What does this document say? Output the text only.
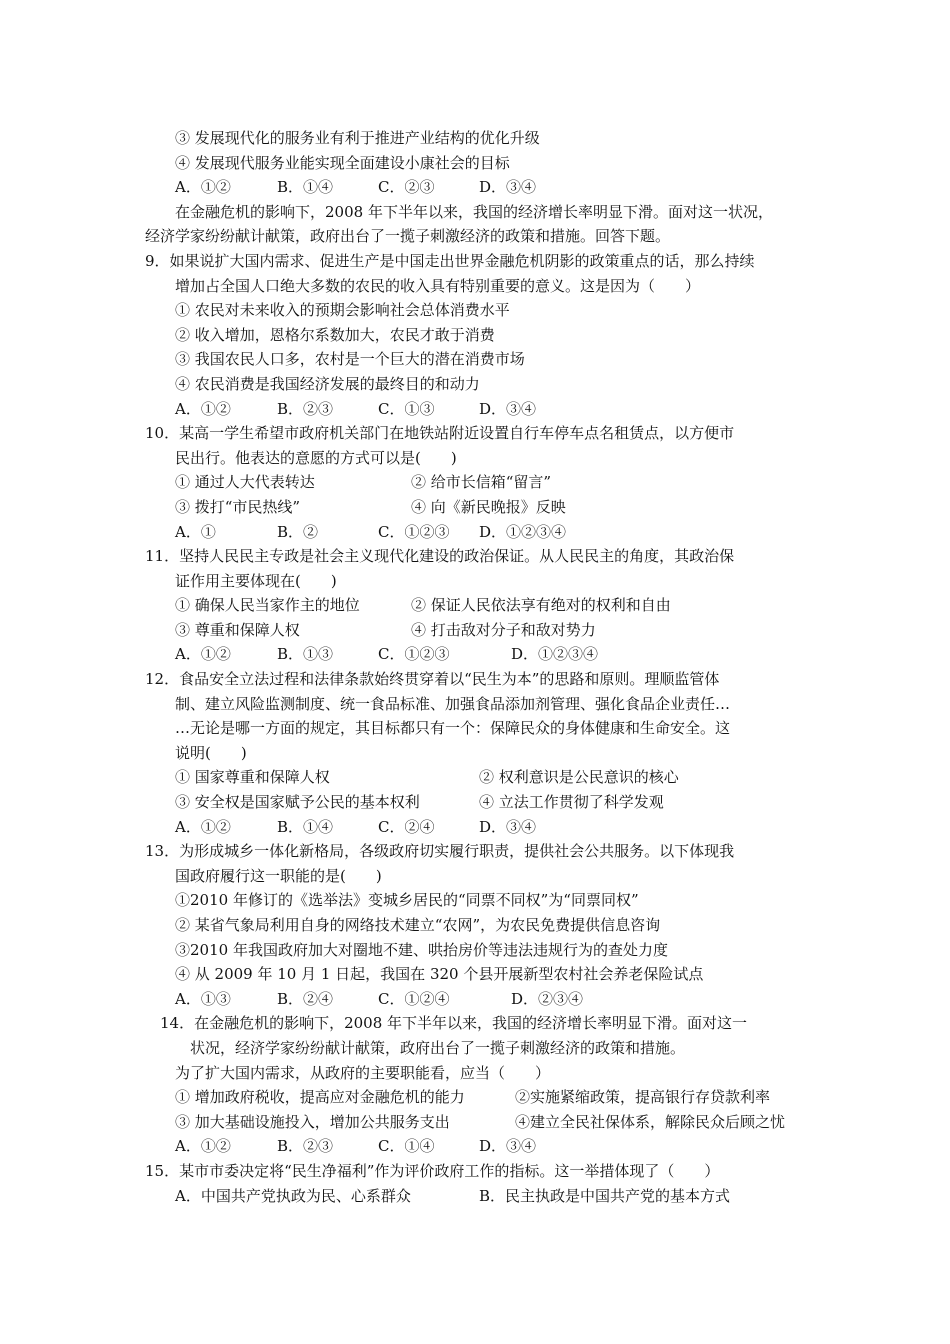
③ 发展现代化的服务业有利于推进产业结构的优化升级
④ 发展现代服务业能实现全面建设小康社会的目标
A．①②	B．①④	C．②③	D．③④
在金融危机的影响下，2008 年下半年以来，我国的经济增长率明显下滑。面对这一状况，
经济学家纷纷献计献策，政府出台了一揽子刺激经济的政策和措施。回答下题。
9．如果说扩大国内需求、促进生产是中国走出世界金融危机阴影的政策重点的话，那么持续
增加占全国人口绝大多数的农民的收入具有特别重要的意义。这是因为（　　）
① 农民对未来收入的预期会影响社会总体消费水平
② 收入增加，恩格尔系数加大，农民才敢于消费
③ 我国农民人口多，农村是一个巨大的潜在消费市场
④ 农民消费是我国经济发展的最终目的和动力
A．①②	B．②③	C．①③	D．③④
10．某高一学生希望市政府机关部门在地铁站附近设置自行车停车点名租赁点，以方便市
民出行。他表达的意愿的方式可以是(　　)
① 通过人大代表转达	② 给市长信箱“留言”
③ 拨打“市民热线”	④ 向《新民晚报》反映
A．①	B．②	C．①②③ D．①②③④
11．坚持人民民主专政是社会主义现代化建设的政治保证。从人民民主的角度，其政治保
证作用主要体现在(　　)
① 确保人民当家作主的地位	② 保证人民依法享有绝对的权利和自由
③ 尊重和保障人权	④ 打击敌对分子和敌对势力
A．①②	B．①③	C．①②③	D．①②③④
12．食品安全立法过程和法律条款始终贯穿着以“民生为本”的思路和原则。理顺监管体
制、建立风险监测制度、统一食品标准、加强食品添加剂管理、强化食品企业责任…
…无论是哪一方面的规定，其目标都只有一个：保障民众的身体健康和生命安全。这
说明(　　)
① 国家尊重和保障人权	② 权利意识是公民意识的核心
③ 安全权是国家赋予公民的基本权利	④ 立法工作贯彻了科学发观
A．①②	B．①④	C．②④	D．③④
13．为形成城乡一体化新格局，各级政府切实履行职责，提供社会公共服务。以下体现我
国政府履行这一职能的是(　　)
①2010 年修订的《选举法》变城乡居民的“同票不同权”为“同票同权”
② 某省气象局利用自身的网络技术建立“农网”，为农民免费提供信息咨询
③2010 年我国政府加大对圈地不建、哄抬房价等违法违规行为的查处力度
④ 从 2009 年 10 月 1 日起，我国在 320 个县开展新型农村社会养老保险试点
A．①③	B．②④	C．①②④	D．②③④
14．在金融危机的影响下，2008 年下半年以来，我国的经济增长率明显下滑。面对这一
状况，经济学家纷纷献计献策，政府出台了一揽子刺激经济的政策和措施。
为了扩大国内需求，从政府的主要职能看，应当（　　）
① 增加政府税收，提高应对金融危机的能力	②实施紧缩政策，提高银行存贷款利率
③ 加大基础设施投入，增加公共服务支出	④建立全民社保体系，解除民众后顾之忧
A．①②	B．②③	C．①④	D．③④
15．某市市委决定将“民生净福利”作为评价政府工作的指标。这一举措体现了（　　）
A．中国共产党执政为民、心系群众	B．民主执政是中国共产党的基本方式
